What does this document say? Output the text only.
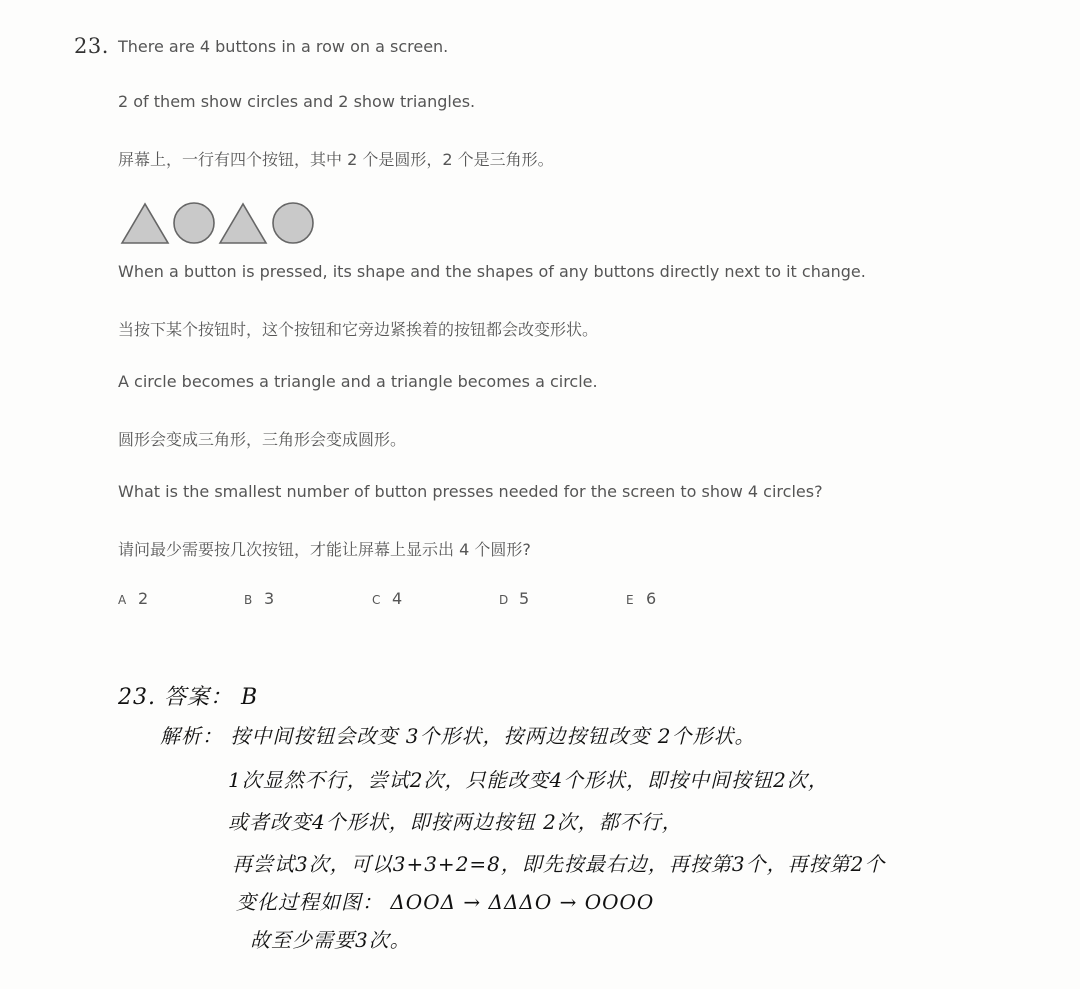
23. There are 4 buttons in a row on a screen.
2 of them show circles and 2 show triangles.
屏幕上，一行有四个按钮，其中 2 个是圆形，2 个是三角形。
When a button is pressed, its shape and the shapes of any buttons directly next to it change.
当按下某个按钮时，这个按钮和它旁边紧挨着的按钮都会改变形状。
A circle becomes a triangle and a triangle becomes a circle.
圆形会变成三角形，三角形会变成圆形。
What is the smallest number of button presses needed for the screen to show 4 circles?
请问最少需要按几次按钮，才能让屏幕上显示出 4 个圆形?
A 2	B 3	C 4	D 5	E 6
23. 答案： B
解析： 按中间按钮会改变 3个形状，按两边按钮改变 2个形状。
1次显然不行，尝试2次，只能改变4个形状，即按中间按钮2次，
或者改变4个形状，即按两边按钮 2次，都不行，
再尝试3次，可以3+3+2=8，即先按最右边，再按第3个，再按第2个
变化过程如图： ΔOOΔ → ΔΔΔO → OOOO
故至少需要3次。
